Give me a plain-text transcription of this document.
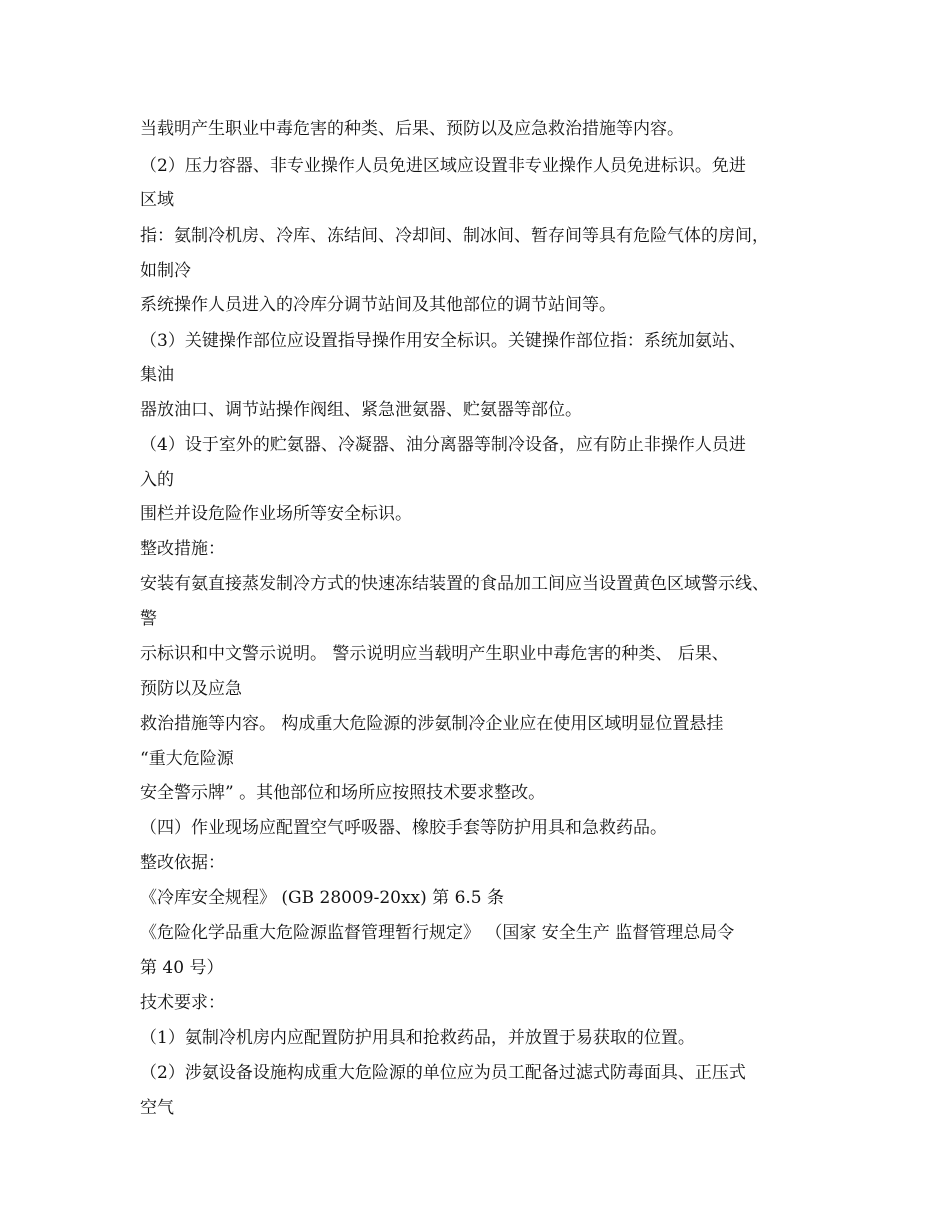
当载明产生职业中毒危害的种类、后果、预防以及应急救治措施等内容。

（2）压力容器、非专业操作人员免进区域应设置非专业操作人员免进标识。免进

区域

指：氨制冷机房、冷库、冻结间、冷却间、制冰间、暂存间等具有危险气体的房间，

如制冷

系统操作人员进入的冷库分调节站间及其他部位的调节站间等。

（3）关键操作部位应设置指导操作用安全标识。关键操作部位指：系统加氨站、

集油

器放油口、调节站操作阀组、紧急泄氨器、贮氨器等部位。

（4）设于室外的贮氨器、冷凝器、油分离器等制冷设备，应有防止非操作人员进

入的

围栏并设危险作业场所等安全标识。

整改措施：

安装有氨直接蒸发制冷方式的快速冻结装置的食品加工间应当设置黄色区域警示线、

警

示标识和中文警示说明。 警示说明应当载明产生职业中毒危害的种类、 后果、

预防以及应急

救治措施等内容。 构成重大危险源的涉氨制冷企业应在使用区域明显位置悬挂

“重大危险源

安全警示牌” 。其他部位和场所应按照技术要求整改。

（四）作业现场应配置空气呼吸器、橡胶手套等防护用具和急救药品。

整改依据：

《冷库安全规程》 (GB 28009-20xx) 第 6.5 条

《危险化学品重大危险源监督管理暂行规定》 （国家 安全生产 监督管理总局令

第 40 号）

技术要求：

（1）氨制冷机房内应配置防护用具和抢救药品，并放置于易获取的位置。

（2）涉氨设备设施构成重大危险源的单位应为员工配备过滤式防毒面具、正压式

空气
